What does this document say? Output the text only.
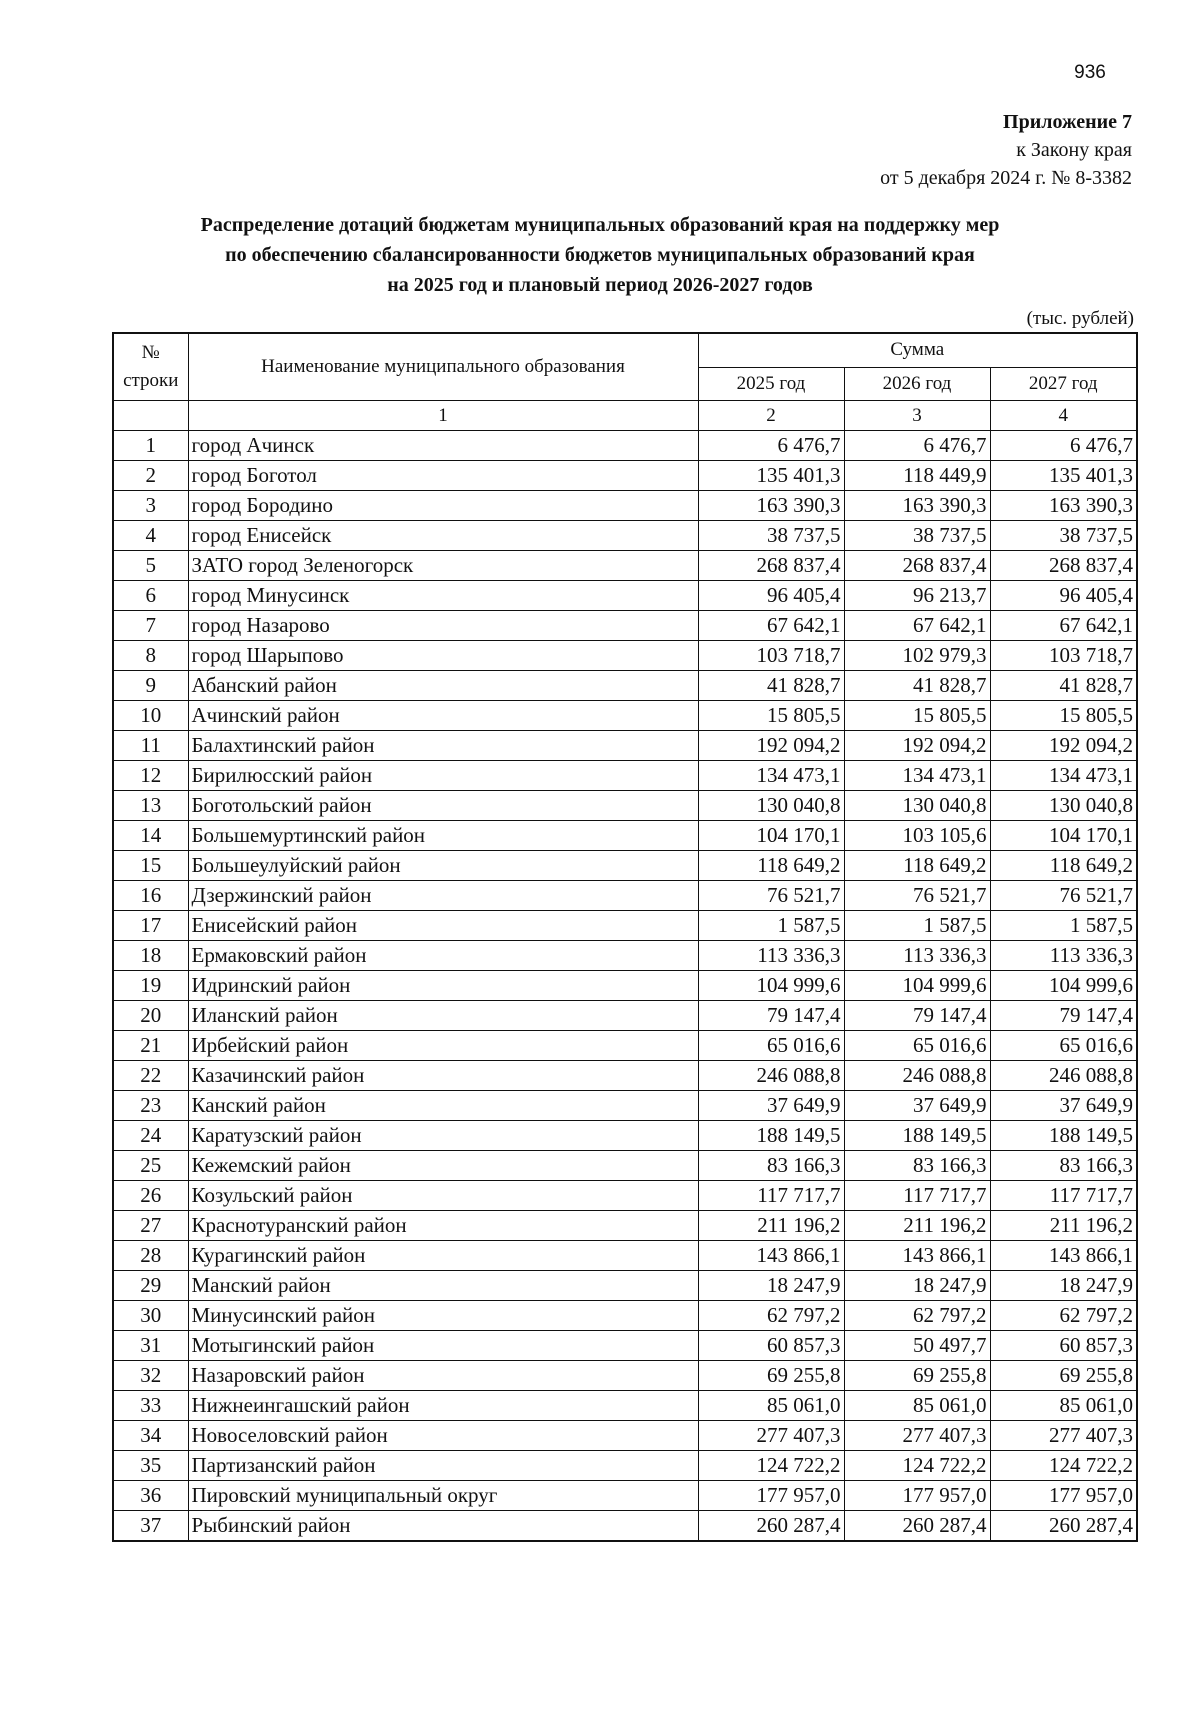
936
Приложение 7
к Закону края
от 5 декабря 2024 г. № 8-3382
Распределение дотаций бюджетам муниципальных образований края на поддержку мер
по обеспечению сбалансированности бюджетов муниципальных образований края
на 2025 год и плановый период 2026-2027 годов
(тыс. рублей)
№ строки	Наименование муниципального образования	Сумма		
		2025 год	2026 год	2027 год
	1	2	3	4
1	город Ачинск	6 476,7	6 476,7	6 476,7
2	город Боготол	135 401,3	118 449,9	135 401,3
3	город Бородино	163 390,3	163 390,3	163 390,3
4	город Енисейск	38 737,5	38 737,5	38 737,5
5	ЗАТО город Зеленогорск	268 837,4	268 837,4	268 837,4
6	город Минусинск	96 405,4	96 213,7	96 405,4
7	город Назарово	67 642,1	67 642,1	67 642,1
8	город Шарыпово	103 718,7	102 979,3	103 718,7
9	Абанский район	41 828,7	41 828,7	41 828,7
10	Ачинский район	15 805,5	15 805,5	15 805,5
11	Балахтинский район	192 094,2	192 094,2	192 094,2
12	Бирилюсский район	134 473,1	134 473,1	134 473,1
13	Боготольский район	130 040,8	130 040,8	130 040,8
14	Большемуртинский район	104 170,1	103 105,6	104 170,1
15	Большеулуйский район	118 649,2	118 649,2	118 649,2
16	Дзержинский район	76 521,7	76 521,7	76 521,7
17	Енисейский район	1 587,5	1 587,5	1 587,5
18	Ермаковский район	113 336,3	113 336,3	113 336,3
19	Идринский район	104 999,6	104 999,6	104 999,6
20	Иланский район	79 147,4	79 147,4	79 147,4
21	Ирбейский район	65 016,6	65 016,6	65 016,6
22	Казачинский район	246 088,8	246 088,8	246 088,8
23	Канский район	37 649,9	37 649,9	37 649,9
24	Каратузский район	188 149,5	188 149,5	188 149,5
25	Кежемский район	83 166,3	83 166,3	83 166,3
26	Козульский район	117 717,7	117 717,7	117 717,7
27	Краснотуранский район	211 196,2	211 196,2	211 196,2
28	Курагинский район	143 866,1	143 866,1	143 866,1
29	Манский район	18 247,9	18 247,9	18 247,9
30	Минусинский район	62 797,2	62 797,2	62 797,2
31	Мотыгинский район	60 857,3	50 497,7	60 857,3
32	Назаровский район	69 255,8	69 255,8	69 255,8
33	Нижнеингашский район	85 061,0	85 061,0	85 061,0
34	Новоселовский район	277 407,3	277 407,3	277 407,3
35	Партизанский район	124 722,2	124 722,2	124 722,2
36	Пировский муниципальный округ	177 957,0	177 957,0	177 957,0
37	Рыбинский район	260 287,4	260 287,4	260 287,4
